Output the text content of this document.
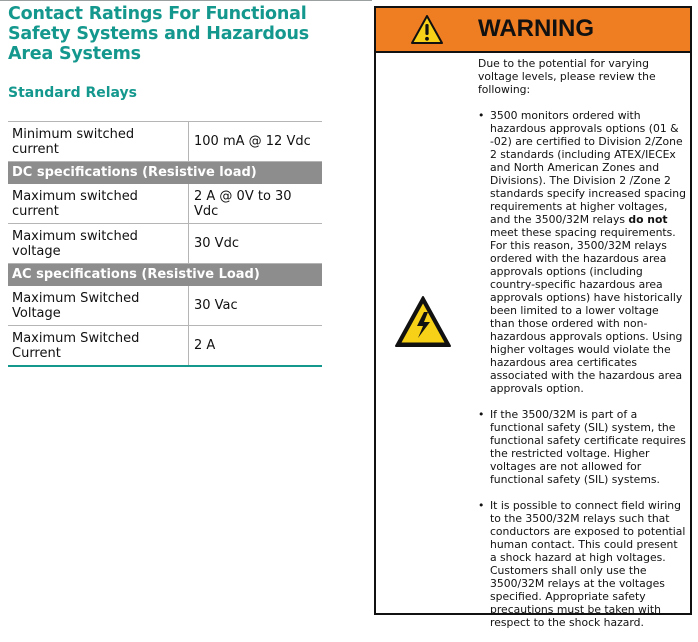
Contact Ratings For Functional Safety Systems and Hazardous Area Systems
Standard Relays
Minimum switched current	100 mA @ 12 Vdc
DC specifications (Resistive load)	
Maximum switched current	2 A @ 0V to 30 Vdc
Maximum switched voltage	30 Vdc
AC specifications (Resistive Load)	
Maximum Switched Voltage	30 Vac
Maximum Switched Current	2 A
WARNING

Due to the potential for varying voltage levels, please review the following:

• 3500 monitors ordered with hazardous approvals options (01 & -02) are certified to Division 2/Zone 2 standards (including ATEX/IECEx and North American Zones and Divisions). The Division 2 /Zone 2 standards specify increased spacing requirements at higher voltages, and the 3500/32M relays do not meet these spacing requirements. For this reason, 3500/32M relays ordered with the hazardous area approvals options (including country-specific hazardous area approvals options) have historically been limited to a lower voltage than those ordered with non-hazardous approvals options. Using higher voltages would violate the hazardous area certificates associated with the hazardous area approvals option.
• If the 3500/32M is part of a functional safety (SIL) system, the functional safety certificate requires the restricted voltage. Higher voltages are not allowed for functional safety (SIL) systems.
• It is possible to connect field wiring to the 3500/32M relays such that conductors are exposed to potential human contact. This could present a shock hazard at high voltages. Customers shall only use the 3500/32M relays at the voltages specified. Appropriate safety precautions must be taken with respect to the shock hazard.
